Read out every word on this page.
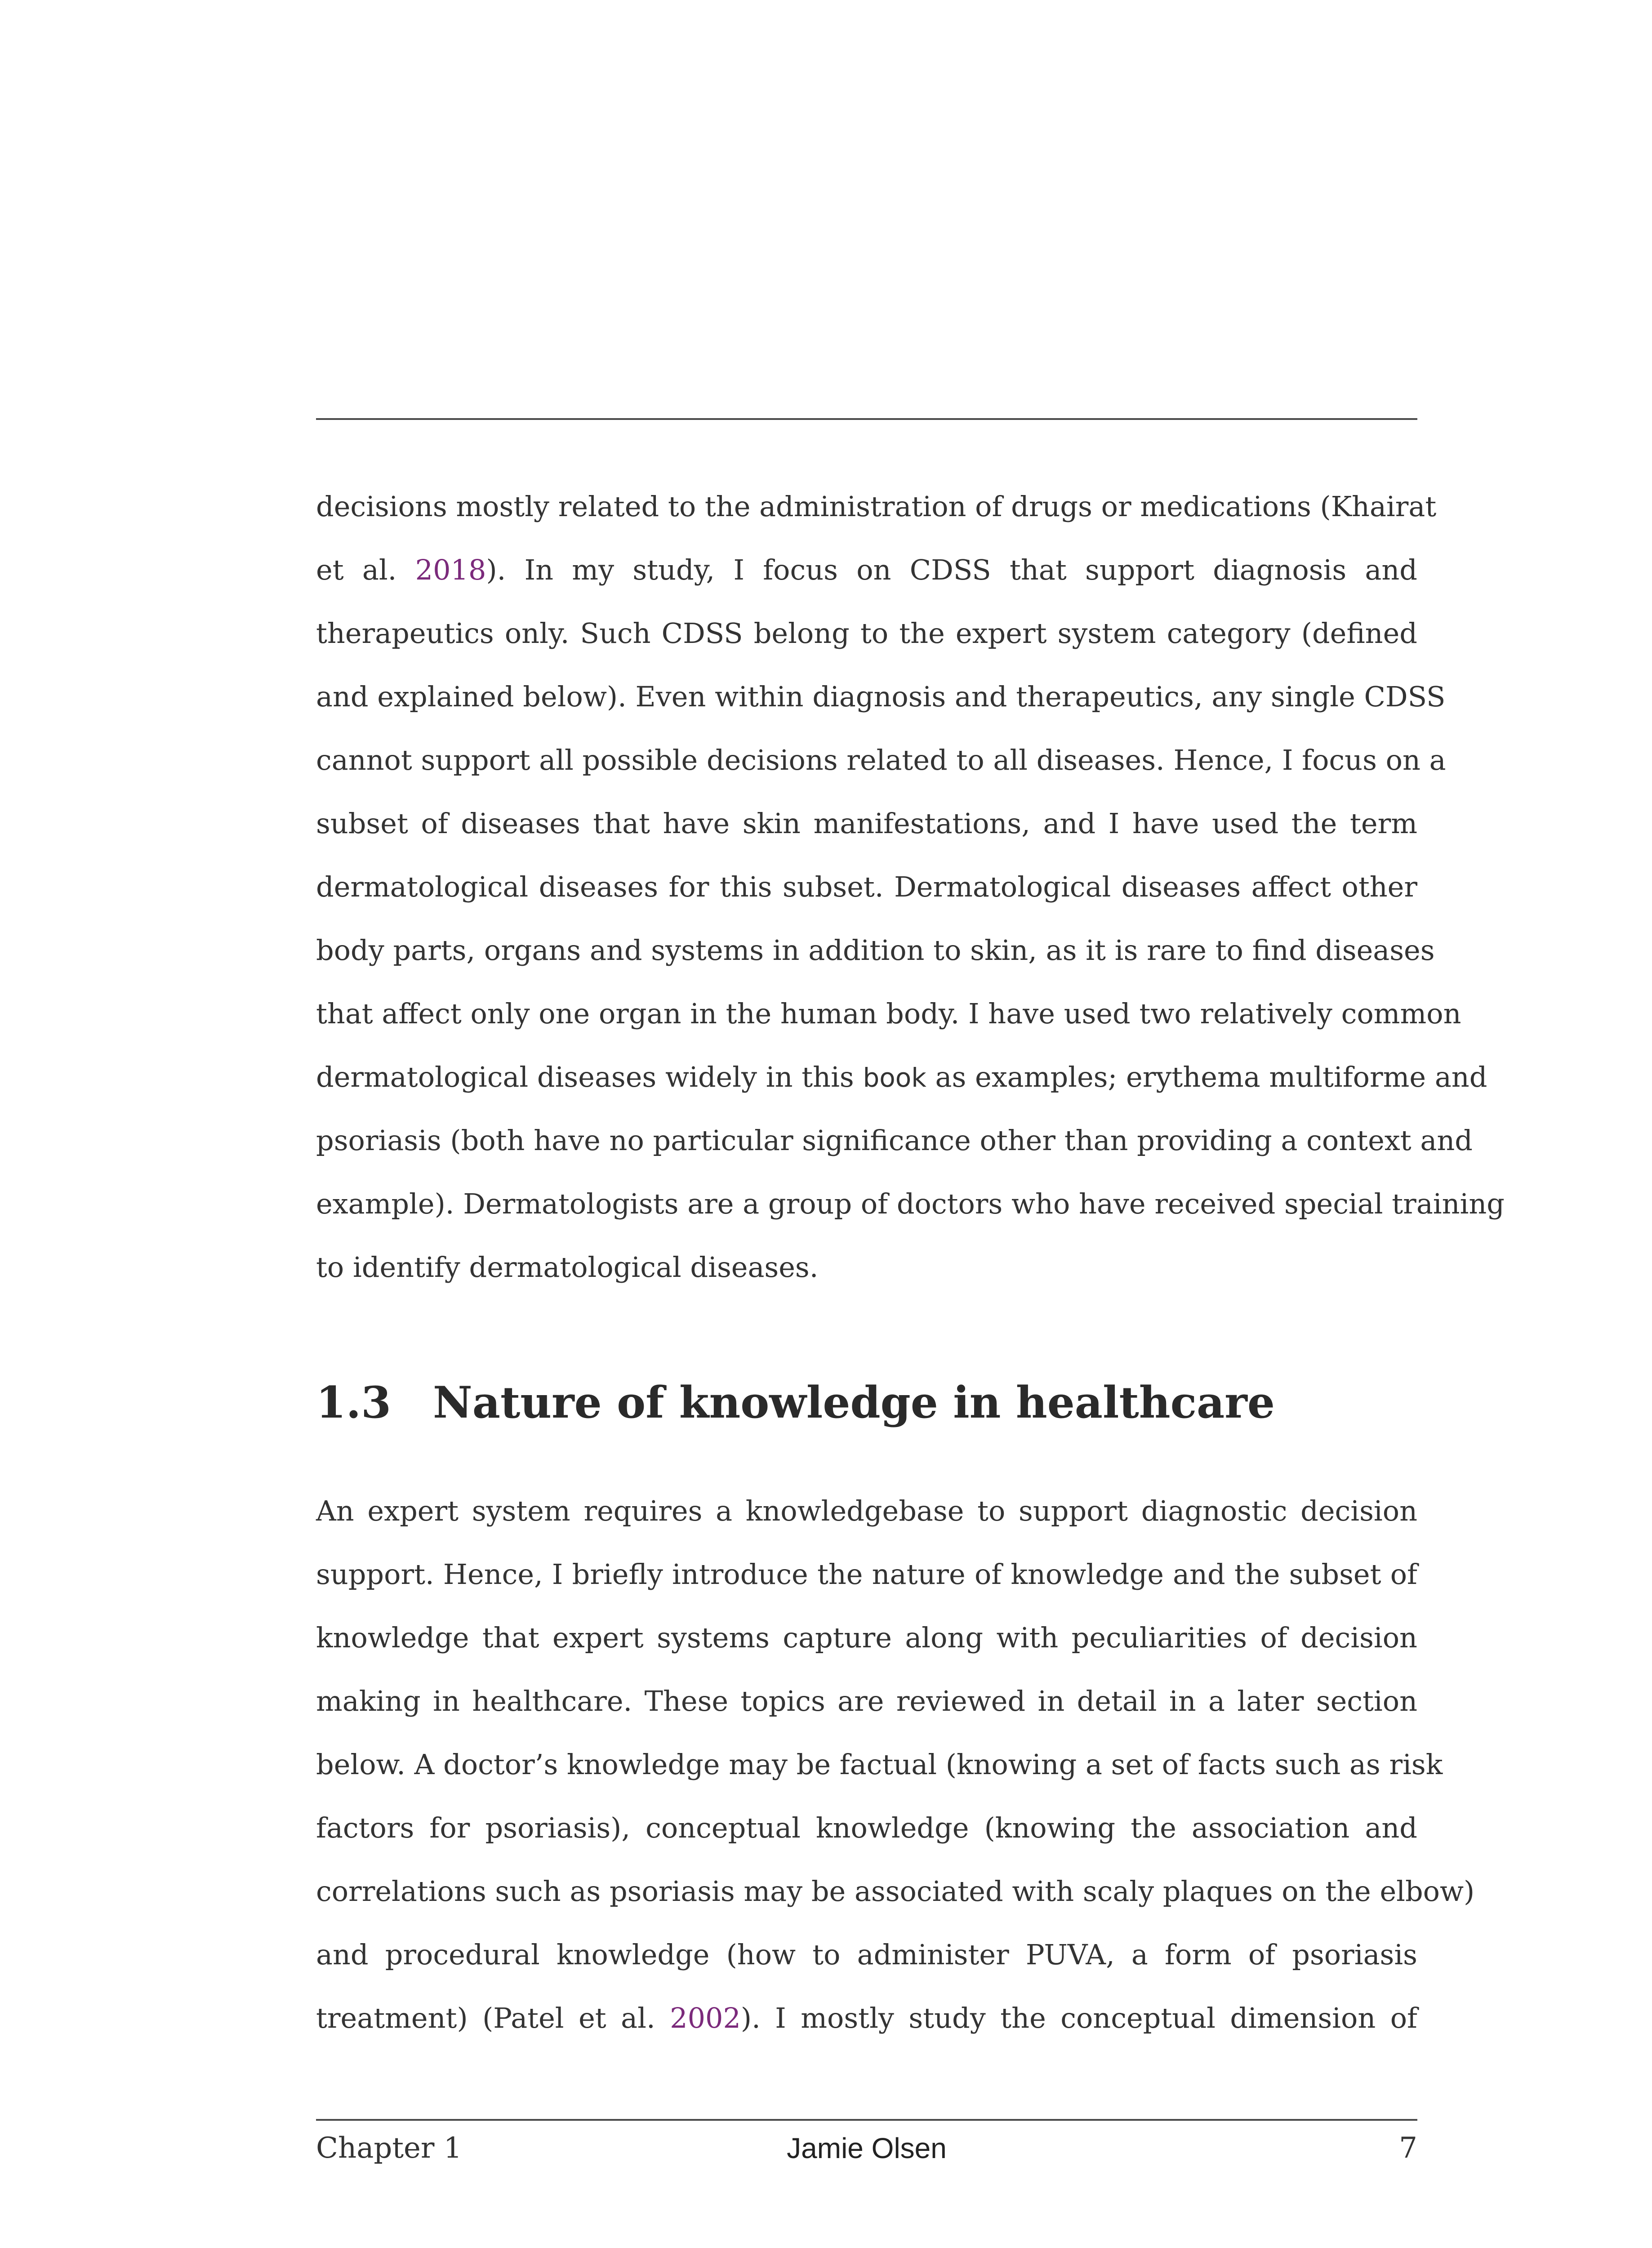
decisions mostly related to the administration of drugs or medications (Khairat
et al. 2018). In my study, I focus on CDSS that support diagnosis and
therapeutics only. Such CDSS belong to the expert system category (defined
and explained below). Even within diagnosis and therapeutics, any single CDSS
cannot support all possible decisions related to all diseases. Hence, I focus on a
subset of diseases that have skin manifestations, and I have used the term
dermatological diseases for this subset. Dermatological diseases affect other
body parts, organs and systems in addition to skin, as it is rare to find diseases
that affect only one organ in the human body. I have used two relatively common
dermatological diseases widely in this book as examples; erythema multiforme and
psoriasis (both have no particular significance other than providing a context and
example). Dermatologists are a group of doctors who have received special training
to identify dermatological diseases.
1.3 Nature of knowledge in healthcare
An expert system requires a knowledgebase to support diagnostic decision
support. Hence, I briefly introduce the nature of knowledge and the subset of
knowledge that expert systems capture along with peculiarities of decision
making in healthcare. These topics are reviewed in detail in a later section
below. A doctor’s knowledge may be factual (knowing a set of facts such as risk
factors for psoriasis), conceptual knowledge (knowing the association and
correlations such as psoriasis may be associated with scaly plaques on the elbow)
and procedural knowledge (how to administer PUVA, a form of psoriasis
treatment) (Patel et al. 2002). I mostly study the conceptual dimension of
Chapter 1	Jamie Olsen	7
